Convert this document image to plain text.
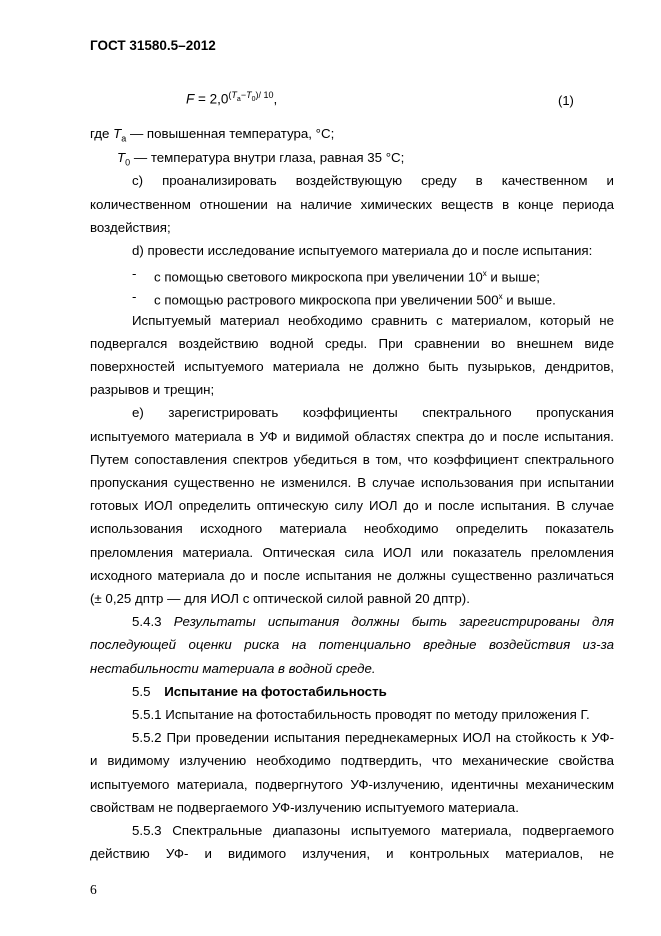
ГОСТ 31580.5–2012
$F = 2,0^{(T_a-T_0)/ 10}$,	(1)
где $T_a$ — повышенная температура, °С;
$T_0$ — температура внутри глаза, равная 35 °С;
c) проанализировать воздействующую среду в качественном и
количественном отношении на наличие химических веществ в конце периода
воздействия;
d) провести исследование испытуемого материала до и после испытания:
- с помощью светового микроскопа при увеличении $10^х$ и выше;
- с помощью растрового микроскопа при увеличении $500^х$ и выше.
Испытуемый материал необходимо сравнить с материалом, который не
подвергался воздействию водной среды. При сравнении во внешнем виде
поверхностей испытуемого материала не должно быть пузырьков, дендритов,
разрывов и трещин;
e) зарегистрировать коэффициенты спектрального пропускания
испытуемого материала в УФ и видимой областях спектра до и после испытания.
Путем сопоставления спектров убедиться в том, что коэффициент спектрального
пропускания существенно не изменился. В случае использования при испытании
готовых ИОЛ определить оптическую силу ИОЛ до и после испытания. В случае
использования исходного материала необходимо определить показатель
преломления материала. Оптическая сила ИОЛ или показатель преломления
исходного материала до и после испытания не должны существенно различаться
(± 0,25 дптр — для ИОЛ с оптической силой равной 20 дптр).
5.4.3 Результаты испытания должны быть зарегистрированы для
последующей оценки риска на потенциально вредные воздействия из-за
нестабильности материала в водной среде.
5.5 Испытание на фотостабильность
5.5.1 Испытание на фотостабильность проводят по методу приложения Г.
5.5.2 При проведении испытания переднекамерных ИОЛ на стойкость к УФ-
и видимому излучению необходимо подтвердить, что механические свойства
испытуемого материала, подвергнутого УФ-излучению, идентичны механическим
свойствам не подвергаемого УФ-излучению испытуемого материала.
5.5.3 Спектральные диапазоны испытуемого материала, подвергаемого
действию УФ- и видимого излучения, и контрольных материалов, не
6
